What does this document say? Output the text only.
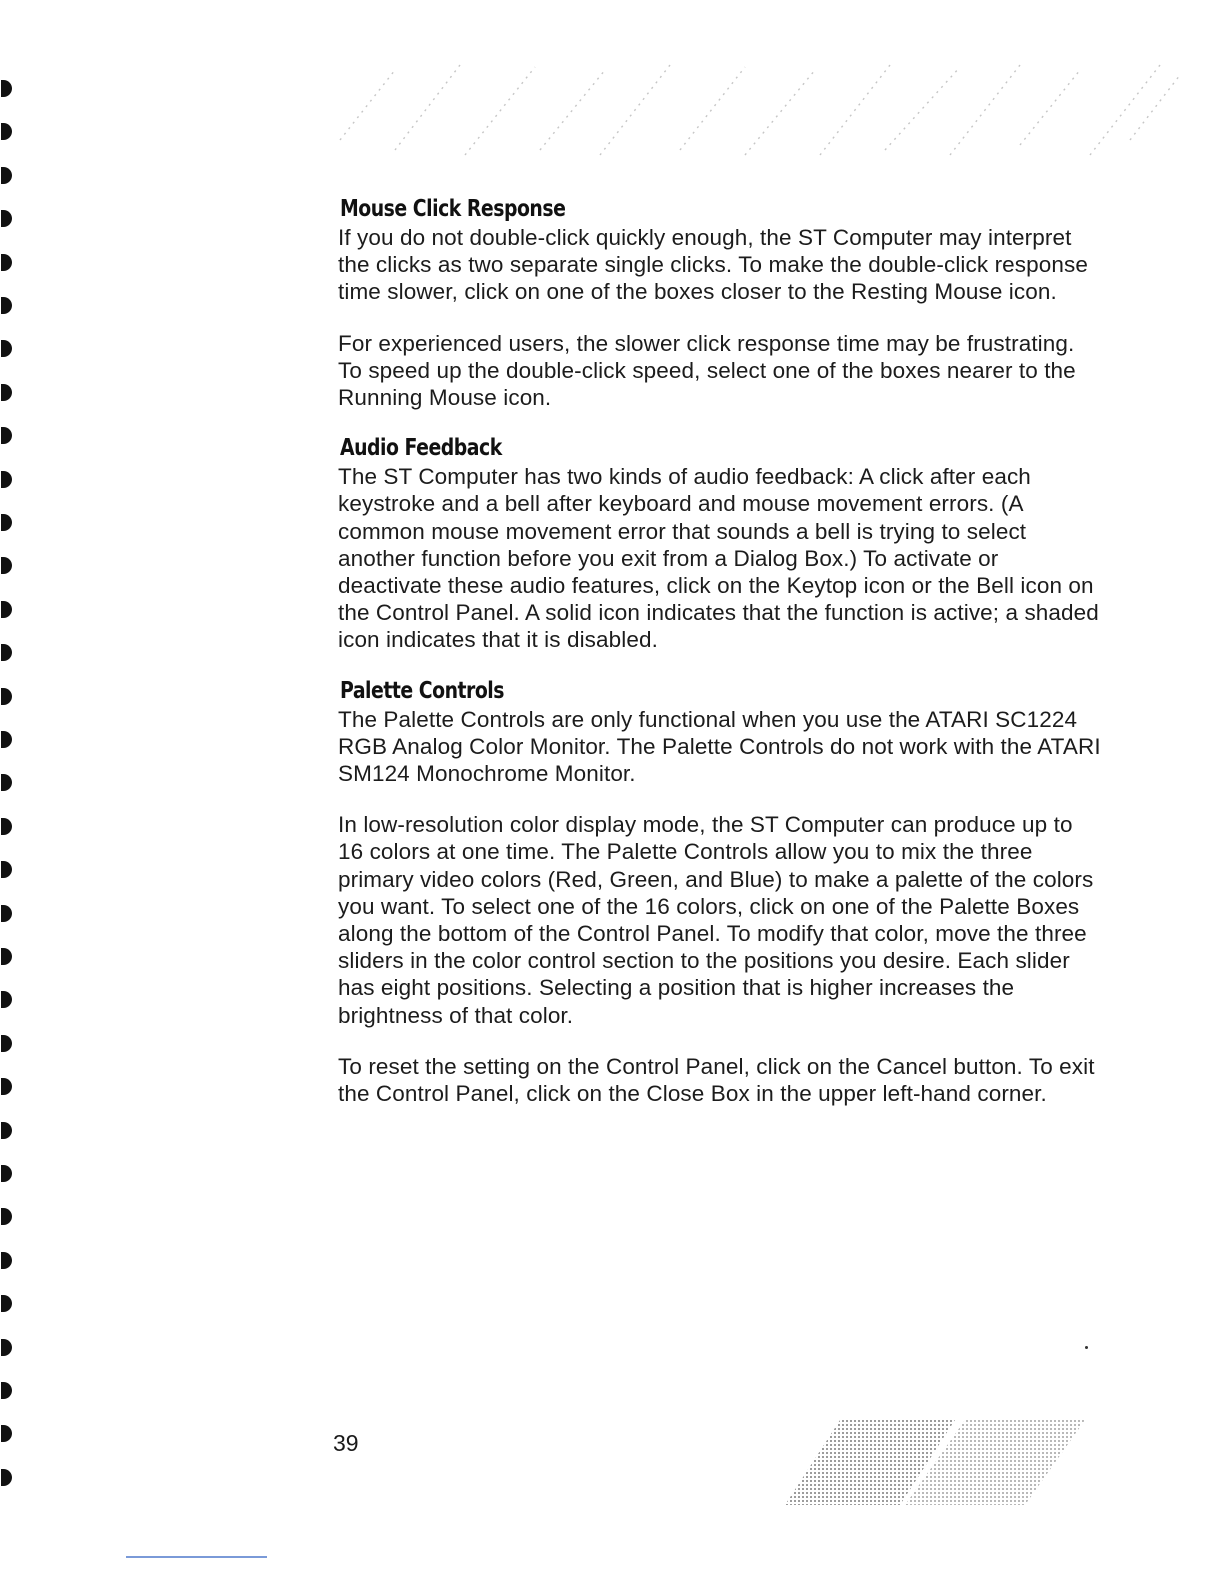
Mouse Click Response

If you do not double-click quickly enough, the ST Computer may interpret the clicks as two separate single clicks. To make the double-click response time slower, click on one of the boxes closer to the Resting Mouse icon.

For experienced users, the slower click response time may be frustrating. To speed up the double-click speed, select one of the boxes nearer to the Running Mouse icon.

Audio Feedback

The ST Computer has two kinds of audio feedback: A click after each keystroke and a bell after keyboard and mouse movement errors. (A common mouse movement error that sounds a bell is trying to select another function before you exit from a Dialog Box.) To activate or deactivate these audio features, click on the Keytop icon or the Bell icon on the Control Panel. A solid icon indicates that the function is active; a shaded icon indicates that it is disabled.

Palette Controls

The Palette Controls are only functional when you use the ATARI SC1224 RGB Analog Color Monitor. The Palette Controls do not work with the ATARI SM124 Monochrome Monitor.

In low-resolution color display mode, the ST Computer can produce up to 16 colors at one time. The Palette Controls allow you to mix the three primary video colors (Red, Green, and Blue) to make a palette of the colors you want. To select one of the 16 colors, click on one of the Palette Boxes along the bottom of the Control Panel. To modify that color, move the three sliders in the color control section to the positions you desire. Each slider has eight positions. Selecting a position that is higher increases the brightness of that color.

To reset the setting on the Control Panel, click on the Cancel button. To exit the Control Panel, click on the Close Box in the upper left-hand corner.

39
